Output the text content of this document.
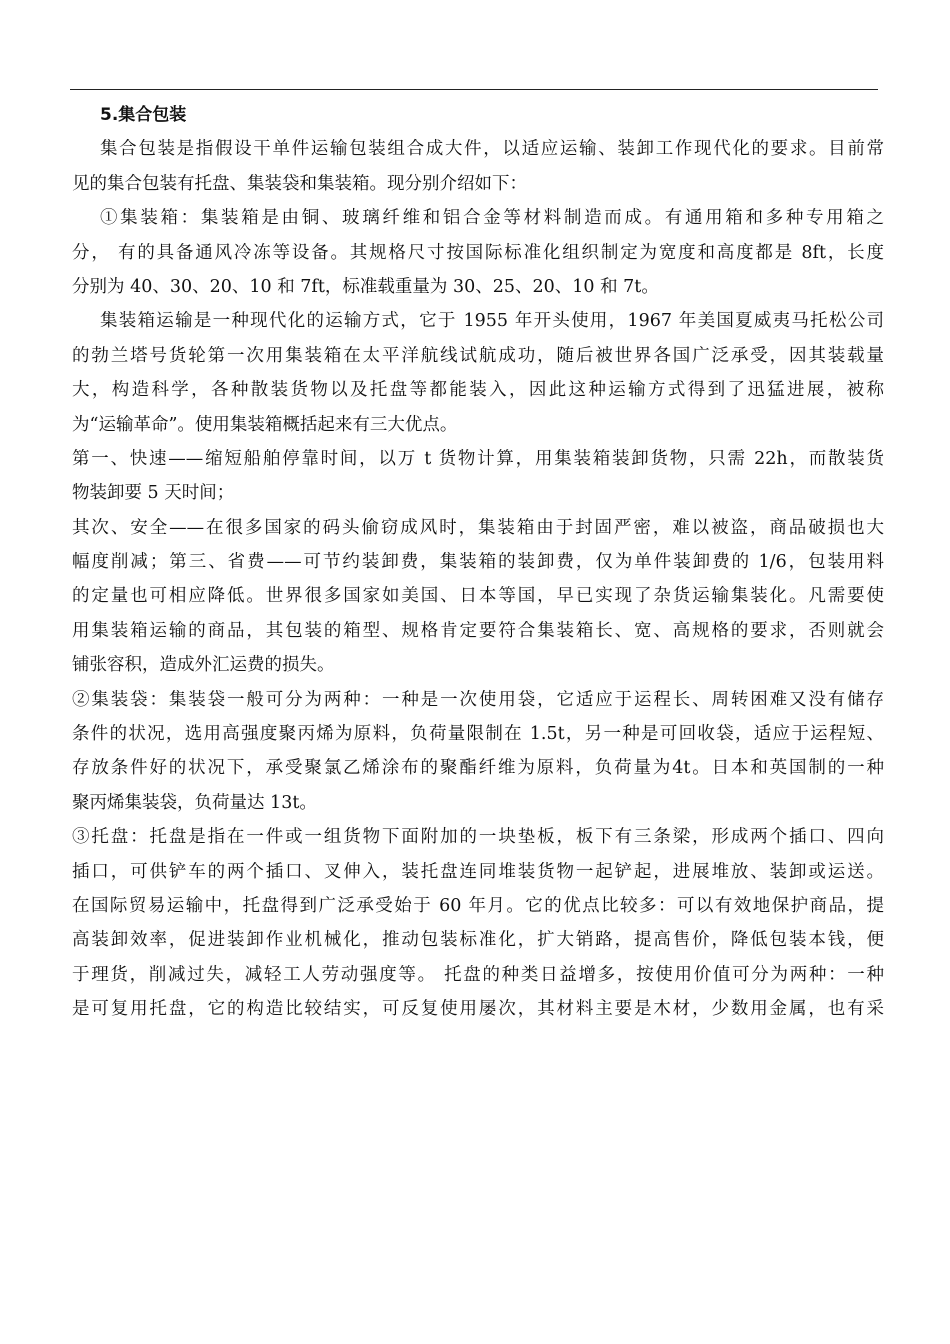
5.集合包装
集合包装是指假设干单件运输包装组合成大件，以适应运输、装卸工作现代化的要求。目前常
见的集合包装有托盘、集装袋和集装箱。现分别介绍如下：
①集装箱：集装箱是由铜、玻璃纤维和铝合金等材料制造而成。有通用箱和多种专用箱之
分， 有的具备通风冷冻等设备。其规格尺寸按国际标准化组织制定为宽度和高度都是 8ft，长度
分别为 40、30、20、10 和 7ft，标准载重量为 30、25、20、10 和 7t。
集装箱运输是一种现代化的运输方式，它于 1955 年开头使用，1967 年美国夏威夷马托松公司
的勃兰塔号货轮第一次用集装箱在太平洋航线试航成功，随后被世界各国广泛承受，因其装载量
大，构造科学，各种散装货物以及托盘等都能装入，因此这种运输方式得到了迅猛进展，被称
为“运输革命”。使用集装箱概括起来有三大优点。
第一、快速——缩短船舶停靠时间，以万 t 货物计算，用集装箱装卸货物，只需 22h，而散装货
物装卸要 5 天时间；
其次、安全——在很多国家的码头偷窃成风时，集装箱由于封固严密，难以被盗，商品破损也大
幅度削减；第三、省费——可节约装卸费，集装箱的装卸费，仅为单件装卸费的 1/6，包装用料
的定量也可相应降低。世界很多国家如美国、日本等国，早已实现了杂货运输集装化。凡需要使
用集装箱运输的商品，其包装的箱型、规格肯定要符合集装箱长、宽、高规格的要求，否则就会
铺张容积，造成外汇运费的损失。
②集装袋：集装袋一般可分为两种：一种是一次使用袋，它适应于运程长、周转困难又没有储存
条件的状况，选用高强度聚丙烯为原料，负荷量限制在 1.5t，另一种是可回收袋，适应于运程短、
存放条件好的状况下，承受聚氯乙烯涂布的聚酯纤维为原料，负荷量为4t。日本和英国制的一种
聚丙烯集装袋，负荷量达 13t。
③托盘：托盘是指在一件或一组货物下面附加的一块垫板，板下有三条梁，形成两个插口、四向
插口，可供铲车的两个插口、叉伸入，装托盘连同堆装货物一起铲起，进展堆放、装卸或运送。
在国际贸易运输中，托盘得到广泛承受始于 60 年月。它的优点比较多：可以有效地保护商品，提
高装卸效率，促进装卸作业机械化，推动包装标准化，扩大销路，提高售价，降低包装本钱，便
于理货，削减过失，减轻工人劳动强度等。 托盘的种类日益增多，按使用价值可分为两种：一种
是可复用托盘，它的构造比较结实，可反复使用屡次，其材料主要是木材，少数用金属，也有采
